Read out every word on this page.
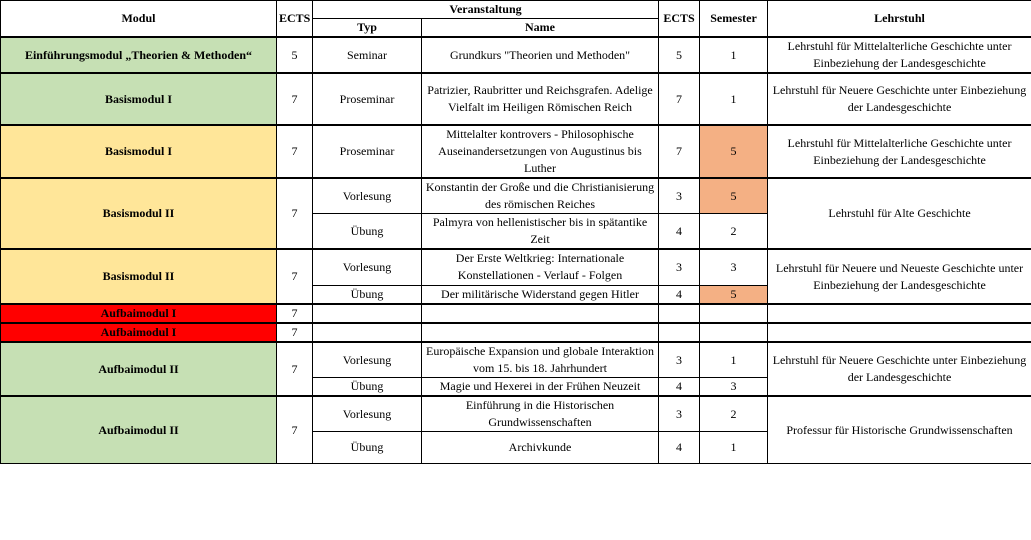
Modul	ECTS	Veranstaltung		ECTS	Semester	Lehrstuhl
		Typ	Name			
Einführungsmodul „Theorien & Methoden“	5	Seminar	Grundkurs "Theorien und Methoden"	5	1	Lehrstuhl für Mittelalterliche Geschichte unter Einbeziehung der Landesgeschichte
Basismodul I	7	Proseminar	Patrizier, Raubritter und Reichsgrafen. Adelige Vielfalt im Heiligen Römischen Reich	7	1	Lehrstuhl für Neuere Geschichte unter Einbeziehung der Landesgeschichte
Basismodul I	7	Proseminar	Mittelalter kontrovers - Philosophische Auseinandersetzungen von Augustinus bis Luther	7	5	Lehrstuhl für Mittelalterliche Geschichte unter Einbeziehung der Landesgeschichte
Basismodul II	7	Vorlesung	Konstantin der Große und die Christianisierung des römischen Reiches	3	5	Lehrstuhl für Alte Geschichte
		Übung	Palmyra von hellenistischer bis in spätantike Zeit	4	2	
Basismodul II	7	Vorlesung	Der Erste Weltkrieg: Internationale Konstellationen - Verlauf - Folgen	3	3	Lehrstuhl für Neuere und Neueste Geschichte unter Einbeziehung der Landesgeschichte
		Übung	Der militärische Widerstand gegen Hitler	4	5	
Aufbaimodul I	7					
Aufbaimodul I	7					
Aufbaimodul II	7	Vorlesung	Europäische Expansion und globale Interaktion vom 15. bis 18. Jahrhundert	3	1	Lehrstuhl für Neuere Geschichte unter Einbeziehung der Landesgeschichte
		Übung	Magie und Hexerei in der Frühen Neuzeit	4	3	
Aufbaimodul II	7	Vorlesung	Einführung in die Historischen Grundwissenschaften	3	2	Professur für Historische Grundwissenschaften
		Übung	Archivkunde	4	1	
